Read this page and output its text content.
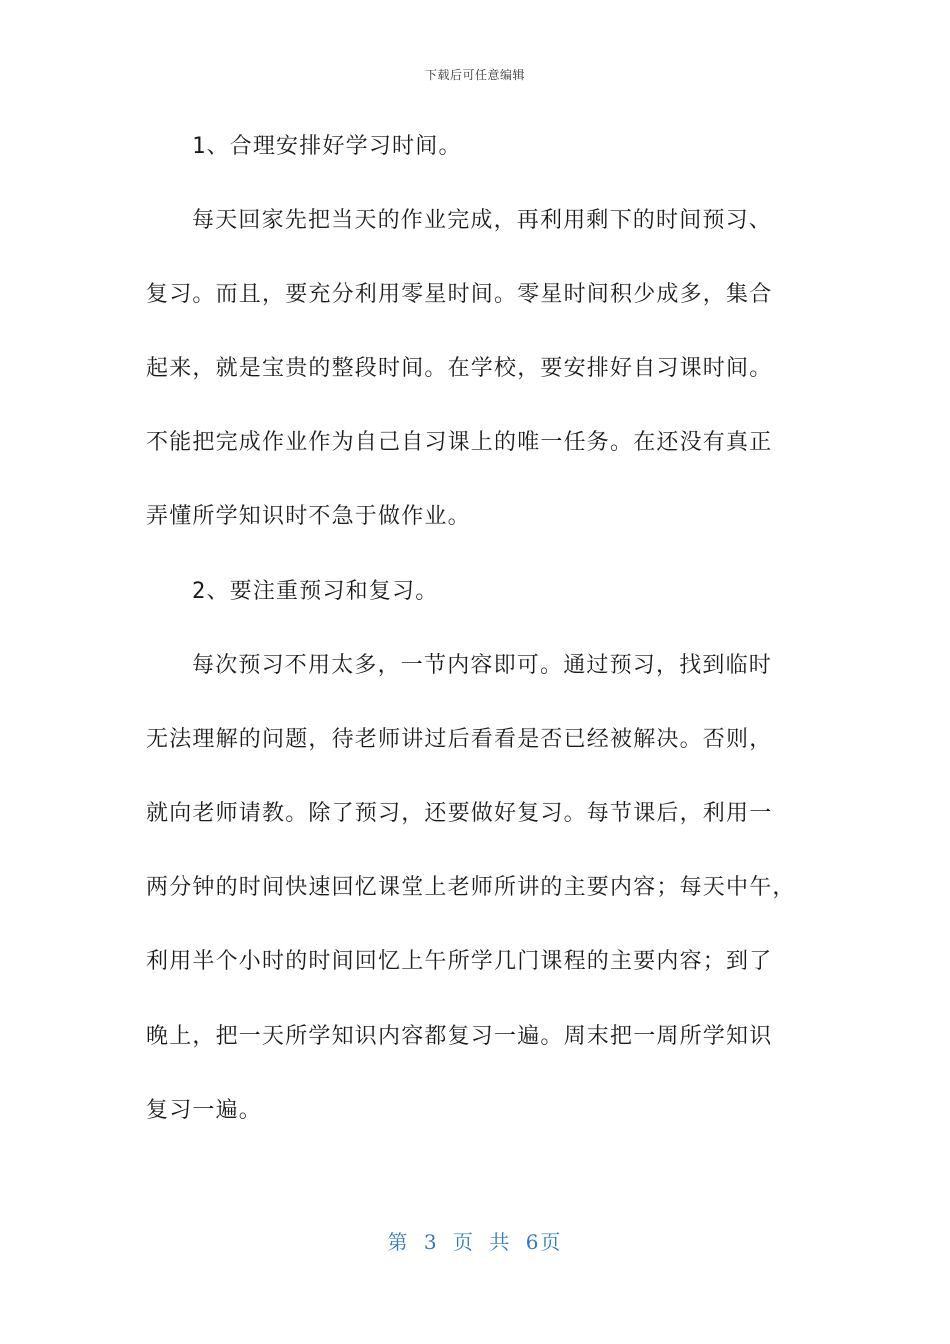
下载后可任意编辑
1、合理安排好学习时间。
每天回家先把当天的作业完成，再利用剩下的时间预习、
复习。而且，要充分利用零星时间。零星时间积少成多，集合
起来，就是宝贵的整段时间。在学校，要安排好自习课时间。
不能把完成作业作为自己自习课上的唯一任务。在还没有真正
弄懂所学知识时不急于做作业。
2、要注重预习和复习。
每次预习不用太多，一节内容即可。通过预习，找到临时
无法理解的问题，待老师讲过后看看是否已经被解决。否则，
就向老师请教。除了预习，还要做好复习。每节课后，利用一
两分钟的时间快速回忆课堂上老师所讲的主要内容；每天中午，
利用半个小时的时间回忆上午所学几门课程的主要内容；到了
晚上，把一天所学知识内容都复习一遍。周末把一周所学知识
复习一遍。
第 3 页 共 6页
